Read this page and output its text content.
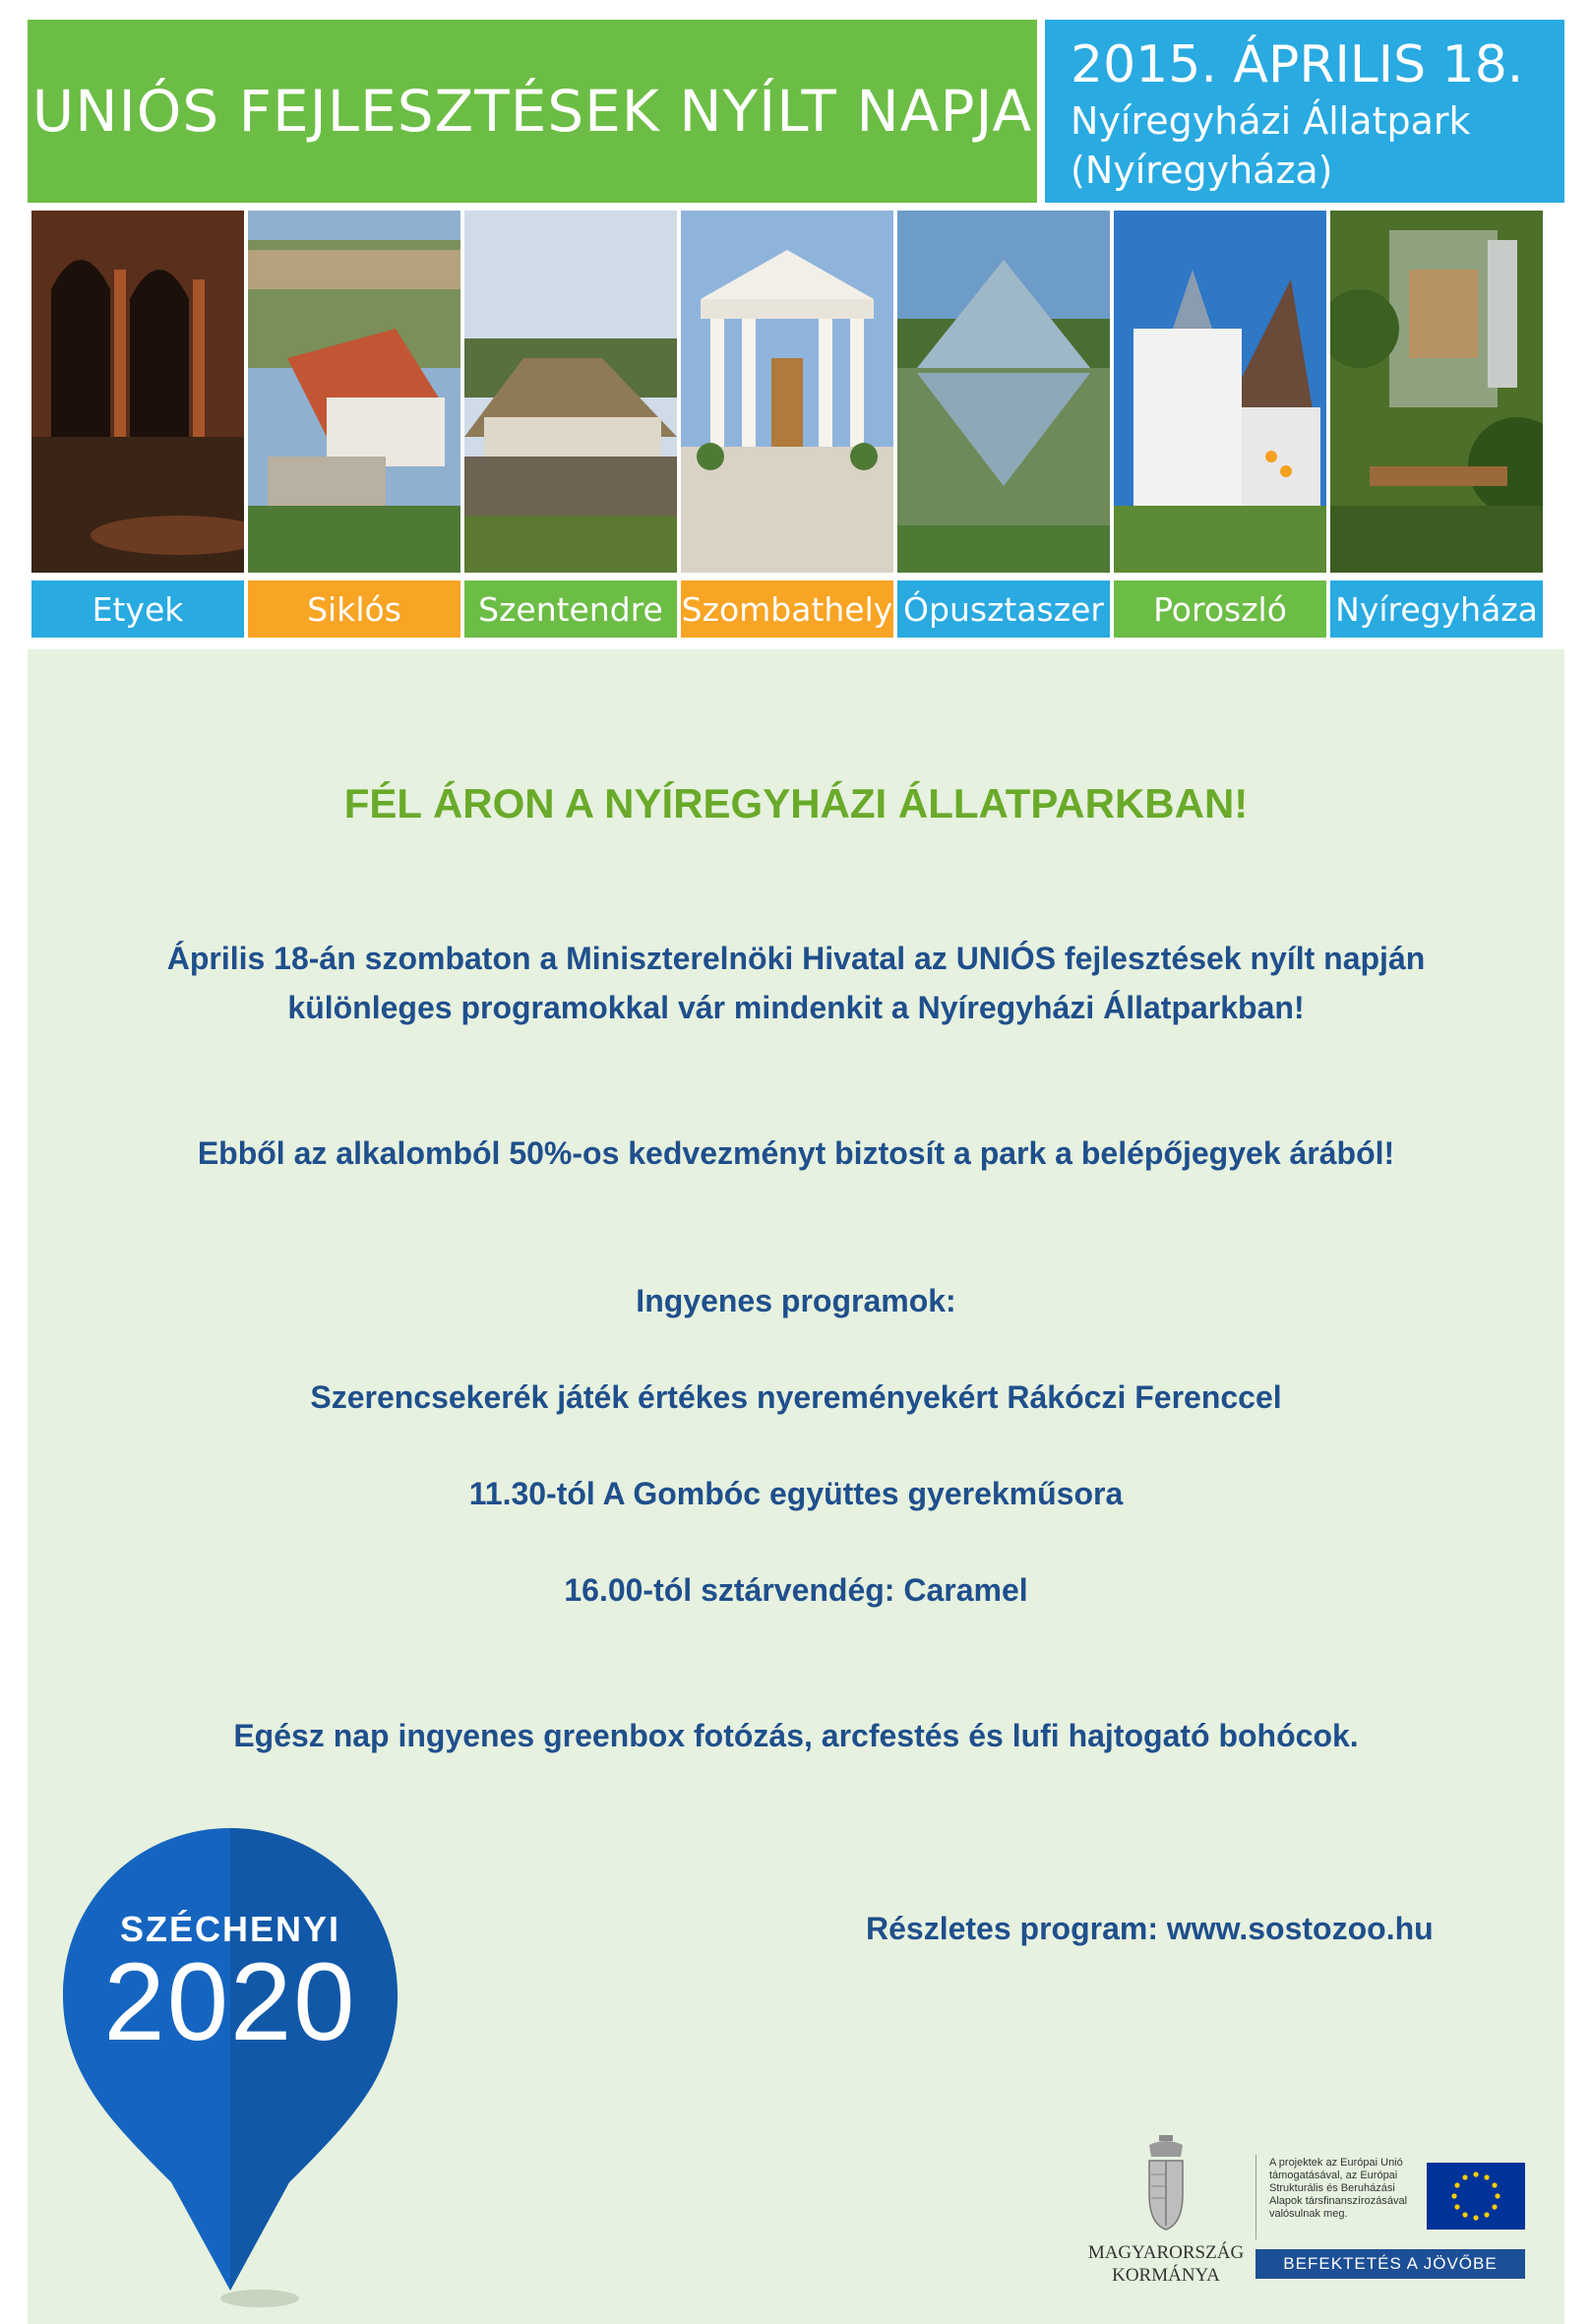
UNIÓS FEJLESZTÉSEK NYÍLT NAPJA
2015. ÁPRILIS 18.
Nyíregyházi Állatpark
(Nyíregyháza)
Etyek	Siklós	Szentendre Szombathely Ópusztaszer	Poroszló	Nyíregyháza
FÉL ÁRON A NYÍREGYHÁZI ÁLLATPARKBAN!
Április 18-án szombaton a Miniszterelnöki Hivatal az UNIÓS fejlesztések nyílt napján
különleges programokkal vár mindenkit a Nyíregyházi Állatparkban!
Ebből az alkalomból 50%-os kedvezményt biztosít a park a belépőjegyek árából!
Ingyenes programok:
Szerencsekerék játék értékes nyereményekért Rákóczi Ferenccel
11.30-tól A Gombóc együttes gyerekműsora
16.00-tól sztárvendég: Caramel
Egész nap ingyenes greenbox fotózás, arcfestés és lufi hajtogató bohócok.
Részletes program: www.sostozoo.hu
SZÉCHENYI
2020
MAGYARORSZÁG
KORMÁNYA
A projektek az Európai Unió támogatásával, az Európai Strukturális és Beruházási Alapok társfinanszírozásával valósulnak meg.
BEFEKTETÉS A JÖVŐBE
